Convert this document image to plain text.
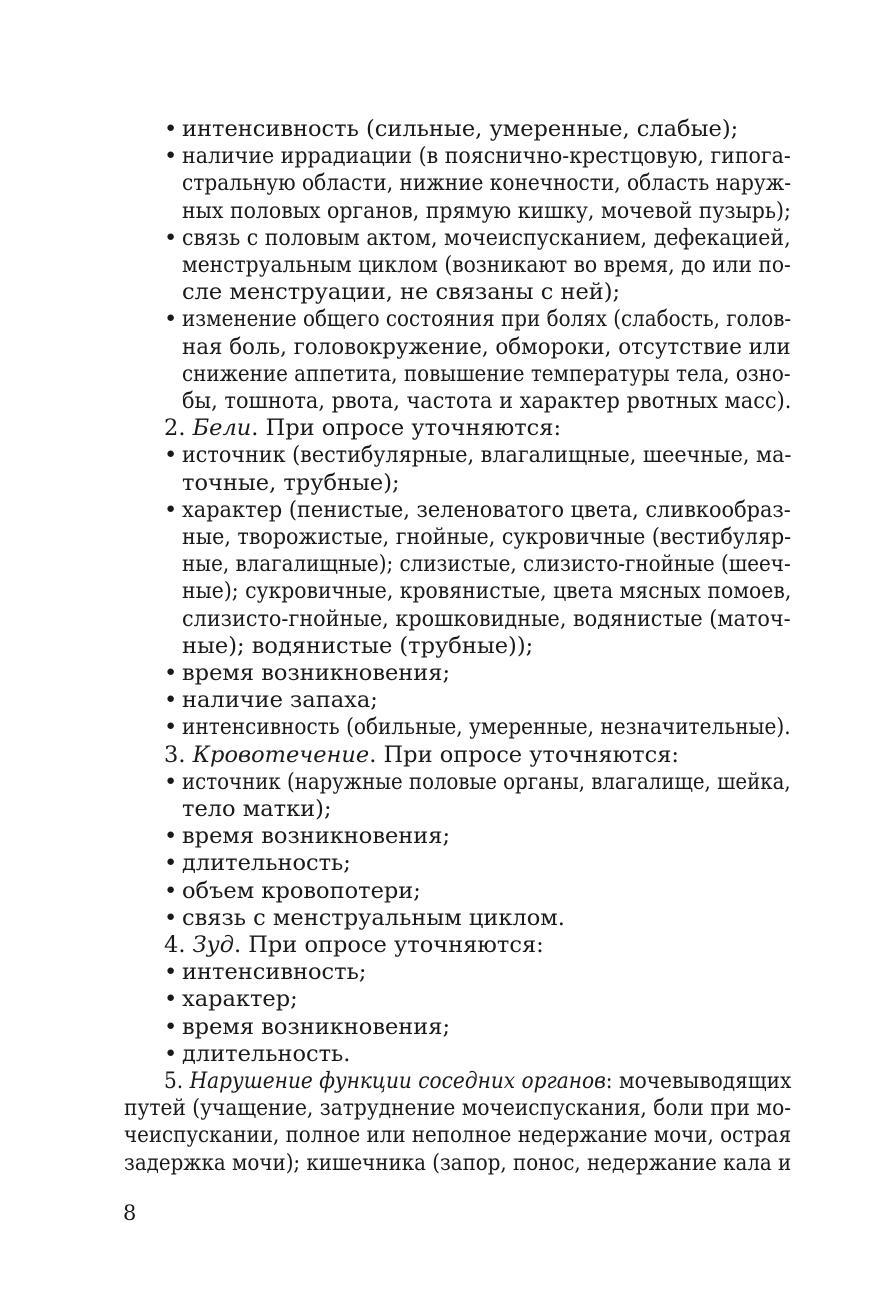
• интенсивность (сильные, умеренные, слабые);
• наличие иррадиации (в пояснично-крестцовую, гипога-
стральную области, нижние конечности, область наруж-
ных половых органов, прямую кишку, мочевой пузырь);
• связь с половым актом, мочеиспусканием, дефекацией,
менструальным циклом (возникают во время, до или по-
сле менструации, не связаны с ней);
• изменение общего состояния при болях (слабость, голов-
ная боль, головокружение, обмороки, отсутствие или
снижение аппетита, повышение температуры тела, озно-
бы, тошнота, рвота, частота и характер рвотных масс).
2. Бели. При опросе уточняются:
• источник (вестибулярные, влагалищные, шеечные, ма-
точные, трубные);
• характер (пенистые, зеленоватого цвета, сливкообраз-
ные, творожистые, гнойные, сукровичные (вестибуляр-
ные, влагалищные); слизистые, слизисто-гнойные (шееч-
ные); сукровичные, кровянистые, цвета мясных помоев,
слизисто-гнойные, крошковидные, водянистые (маточ-
ные); водянистые (трубные));
• время возникновения;
• наличие запаха;
• интенсивность (обильные, умеренные, незначительные).
3. Кровотечение. При опросе уточняются:
• источник (наружные половые органы, влагалище, шейка,
тело матки);
• время возникновения;
• длительность;
• объем кровопотери;
• связь с менструальным циклом.
4. Зуд. При опросе уточняются:
• интенсивность;
• характер;
• время возникновения;
• длительность.
5. Нарушение функции соседних органов: мочевыводящих
путей (учащение, затруднение мочеиспускания, боли при мо-
чеиспускании, полное или неполное недержание мочи, острая
задержка мочи); кишечника (запор, понос, недержание кала и
8
